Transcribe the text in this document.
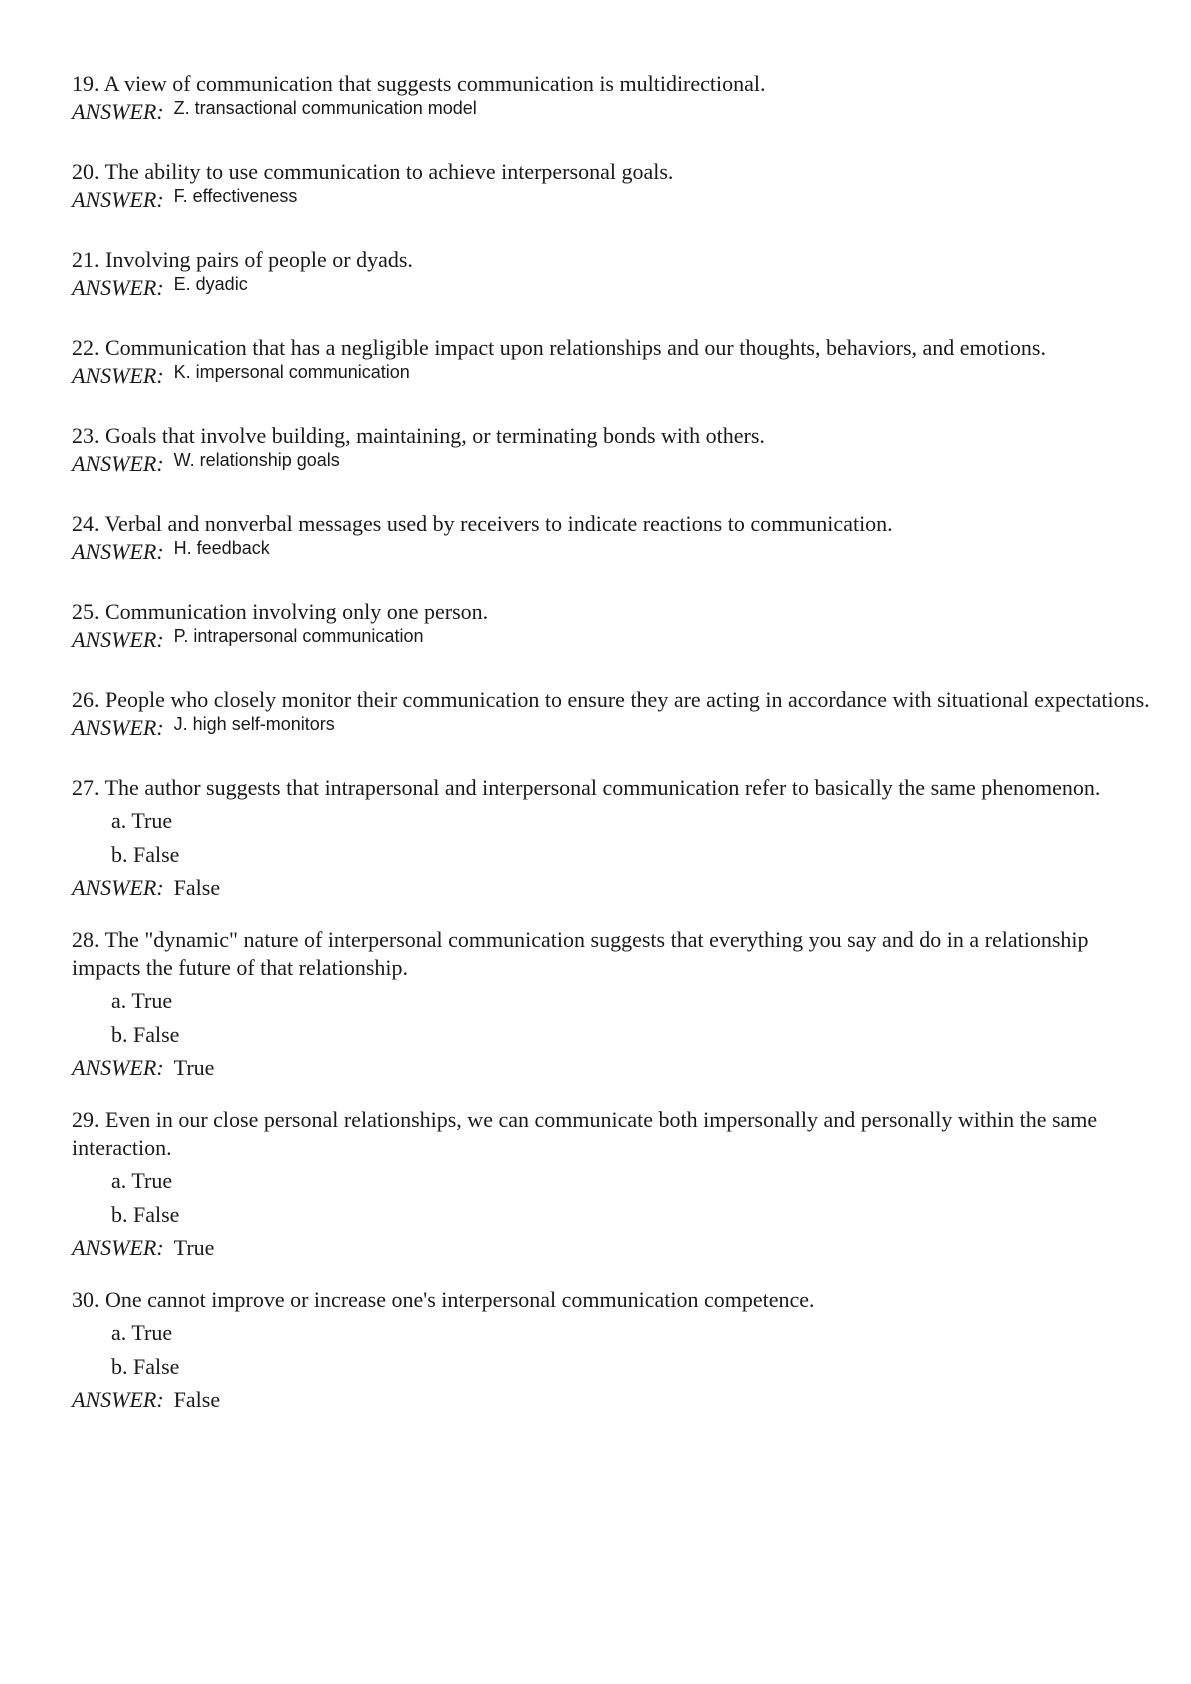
19. A view of communication that suggests communication is multidirectional.
ANSWER: $^{Z. transactional communication model}$
20. The ability to use communication to achieve interpersonal goals.
ANSWER: $^{F. effectiveness}$
21. Involving pairs of people or dyads.
ANSWER: $^{E. dyadic}$
22. Communication that has a negligible impact upon relationships and our thoughts, behaviors, and emotions.
ANSWER: $^{K. impersonal communication}$
23. Goals that involve building, maintaining, or terminating bonds with others.
ANSWER: $^{W. relationship goals}$
24. Verbal and nonverbal messages used by receivers to indicate reactions to communication.
ANSWER: $^{H. feedback}$
25. Communication involving only one person.
ANSWER: $^{P. intrapersonal communication}$
26. People who closely monitor their communication to ensure they are acting in accordance with situational expectations.
ANSWER: $^{J. high self-monitors}$
27. The author suggests that intrapersonal and interpersonal communication refer to basically the same phenomenon.
a. True
b. False
ANSWER: False
28. The "dynamic" nature of interpersonal communication suggests that everything you say and do in a relationship impacts the future of that relationship.
a. True
b. False
ANSWER: True
29. Even in our close personal relationships, we can communicate both impersonally and personally within the same interaction.
a. True
b. False
ANSWER: True
30. One cannot improve or increase one's interpersonal communication competence.
a. True
b. False
ANSWER: False
